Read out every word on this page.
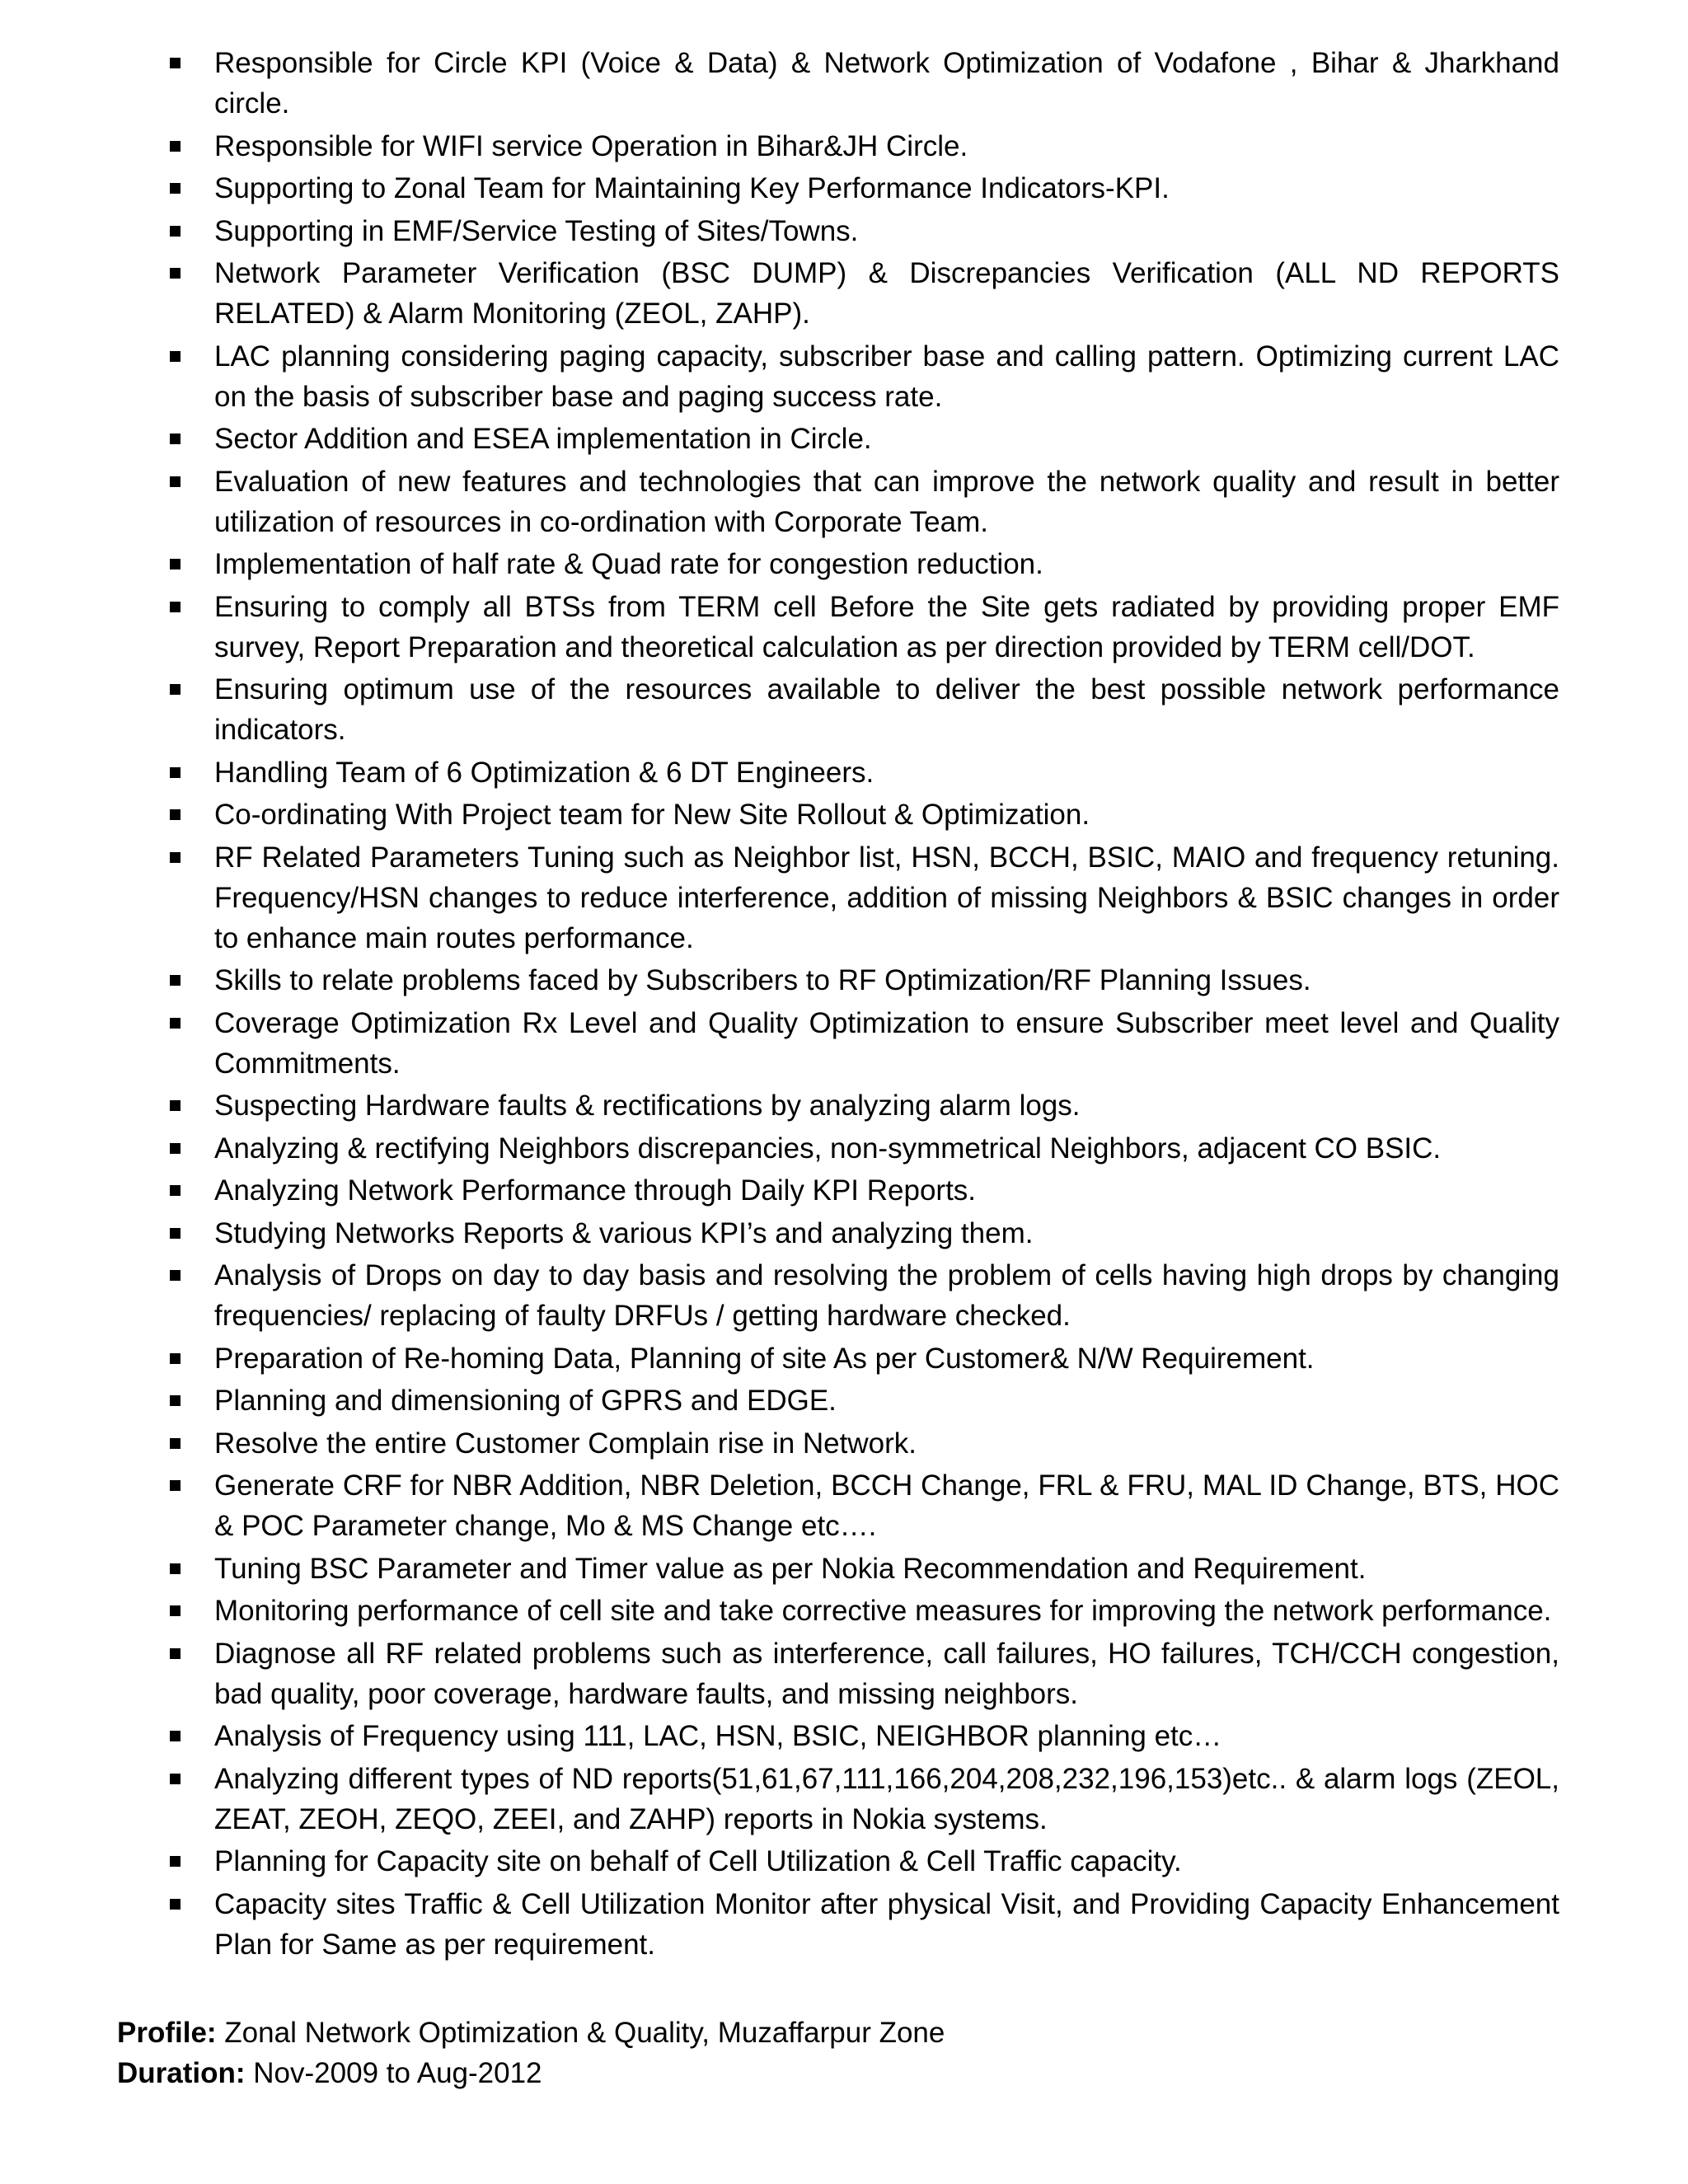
Responsible for Circle KPI (Voice & Data) & Network Optimization of Vodafone , Bihar & Jharkhand circle.
Responsible for WIFI service Operation in Bihar&JH Circle.
Supporting to Zonal Team for Maintaining Key Performance Indicators-KPI.
Supporting in EMF/Service Testing of Sites/Towns.
Network Parameter Verification (BSC DUMP) & Discrepancies Verification (ALL ND REPORTS RELATED) & Alarm Monitoring (ZEOL, ZAHP).
LAC planning considering paging capacity, subscriber base and calling pattern. Optimizing current LAC on the basis of subscriber base and paging success rate.
Sector Addition and ESEA implementation in Circle.
Evaluation of new features and technologies that can improve the network quality and result in better utilization of resources in co-ordination with Corporate Team.
Implementation of half rate & Quad rate for congestion reduction.
Ensuring to comply all BTSs from TERM cell Before the Site gets radiated by providing proper EMF survey, Report Preparation and theoretical calculation as per direction provided by TERM cell/DOT.
Ensuring optimum use of the resources available to deliver the best possible network performance indicators.
Handling Team of 6 Optimization & 6 DT Engineers.
Co-ordinating With Project team for New Site Rollout & Optimization.
RF Related Parameters Tuning such as Neighbor list, HSN, BCCH, BSIC, MAIO and frequency retuning. Frequency/HSN changes to reduce interference, addition of missing Neighbors & BSIC changes in order to enhance main routes performance.
Skills to relate problems faced by Subscribers to RF Optimization/RF Planning Issues.
Coverage Optimization Rx Level and Quality Optimization to ensure Subscriber meet level and Quality Commitments.
Suspecting Hardware faults & rectifications by analyzing alarm logs.
Analyzing & rectifying Neighbors discrepancies, non-symmetrical Neighbors, adjacent CO BSIC.
Analyzing Network Performance through Daily KPI Reports.
Studying Networks Reports & various KPI’s and analyzing them.
Analysis of Drops on day to day basis and resolving the problem of cells having high drops by changing frequencies/ replacing of faulty DRFUs / getting hardware checked.
Preparation of Re-homing Data, Planning of site As per Customer& N/W Requirement.
Planning and dimensioning of GPRS and EDGE.
Resolve the entire Customer Complain rise in Network.
Generate CRF for NBR Addition, NBR Deletion, BCCH Change, FRL & FRU, MAL ID Change, BTS, HOC & POC Parameter change, Mo & MS Change etc….
Tuning BSC Parameter and Timer value as per Nokia Recommendation and Requirement.
Monitoring performance of cell site and take corrective measures for improving the network performance.
Diagnose all RF related problems such as interference, call failures, HO failures, TCH/CCH congestion, bad quality, poor coverage, hardware faults, and missing neighbors.
Analysis of Frequency using 111, LAC, HSN, BSIC, NEIGHBOR planning etc…
Analyzing different types of ND reports(51,61,67,111,166,204,208,232,196,153)etc.. & alarm logs (ZEOL, ZEAT, ZEOH, ZEQO, ZEEI, and ZAHP) reports in Nokia systems.
Planning for Capacity site on behalf of Cell Utilization & Cell Traffic capacity.
Capacity sites Traffic & Cell Utilization Monitor after physical Visit, and Providing Capacity Enhancement Plan for Same as per requirement.
Profile: Zonal Network Optimization & Quality, Muzaffarpur Zone
Duration: Nov-2009 to Aug-2012
